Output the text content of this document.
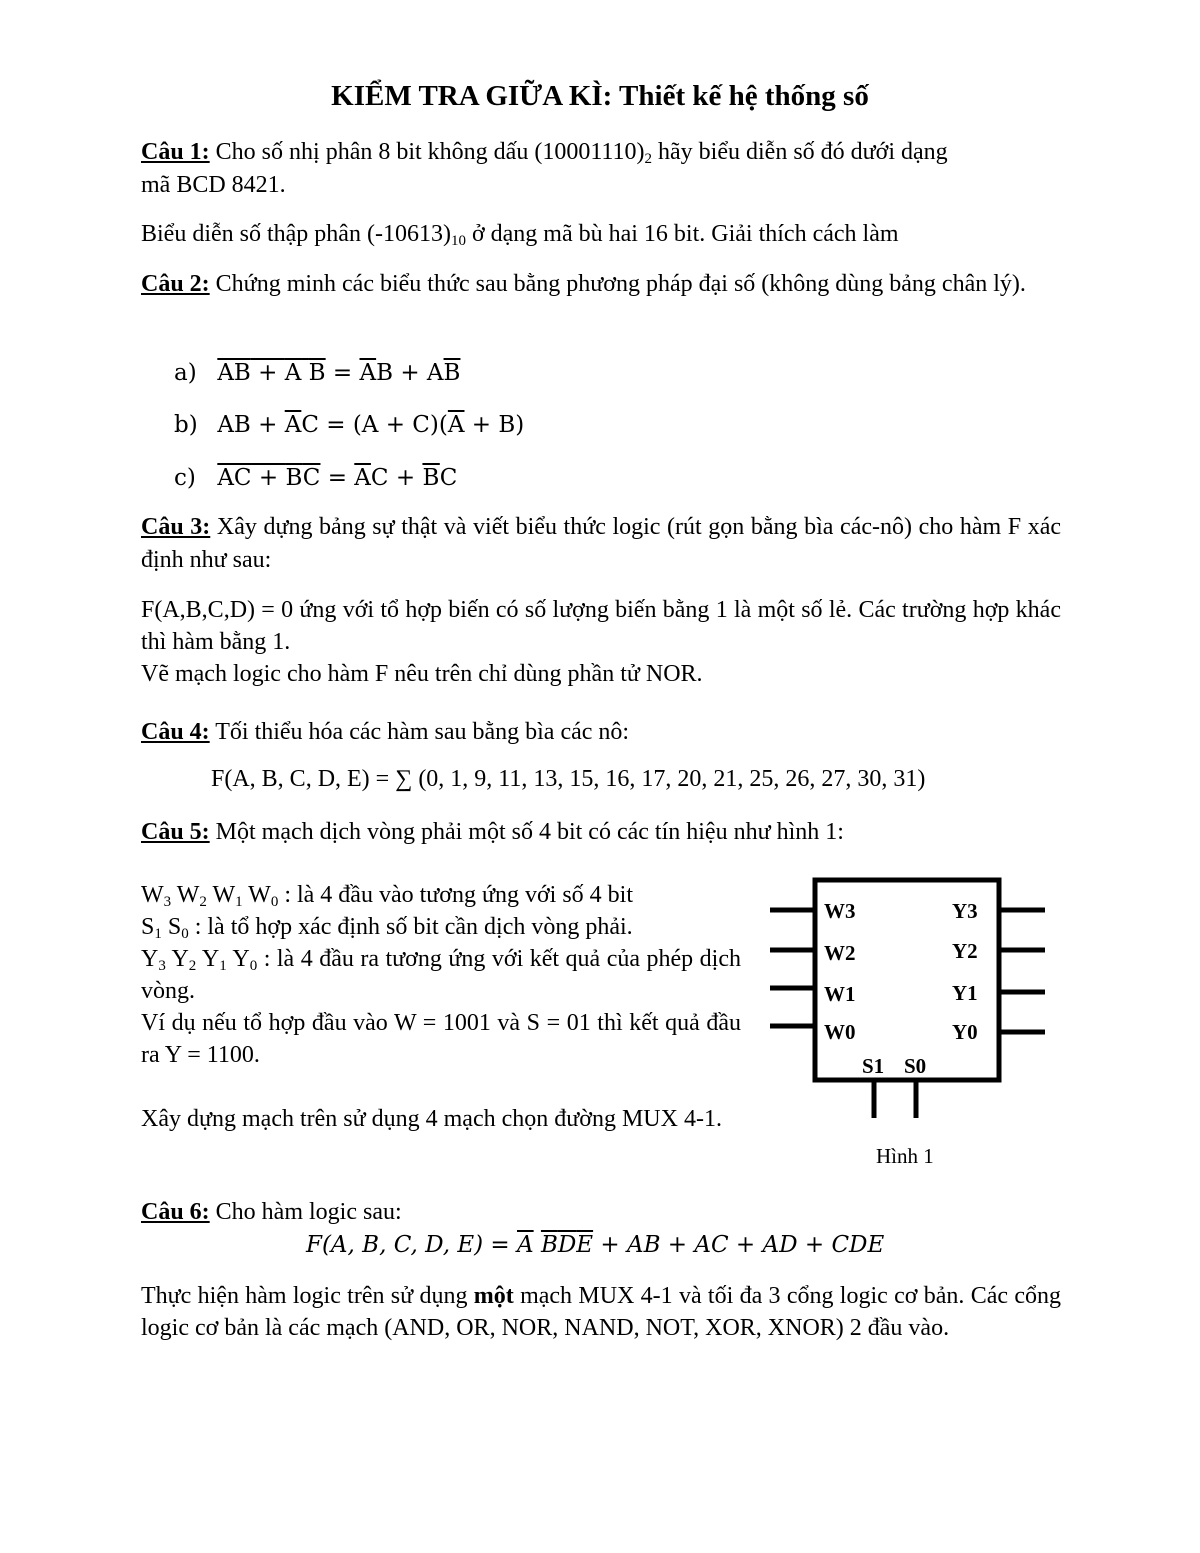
KIỂM TRA GIỮA KÌ: Thiết kế hệ thống số
Câu 1: Cho số nhị phân 8 bit không dấu $(10001110)_2$ hãy biểu diễn số đó dưới dạng
mã BCD 8421.
Biểu diễn số thập phân $(-10613)_{10}$ ở dạng mã bù hai 16 bit. Giải thích cách làm
Câu 2: Chứng minh các biểu thức sau bằng phương pháp đại số (không dùng bảng chân lý).
a) AB + A $B = \overline{A}B + A\overline{B}$
b) AB + $\overline{A}C = (A + C)(\overline{A} + B)$
c) AC + BC = $\overline{A}C + \overline{B}C$
Câu 3: Xây dựng bảng sự thật và viết biểu thức logic (rút gọn bằng bìa các-nô) cho hàm F xác định như sau:
F(A,B,C,D) = 0 ứng với tổ hợp biến có số lượng biến bằng 1 là một số lẻ. Các trường hợp khác thì hàm bằng 1.
Vẽ mạch logic cho hàm F nêu trên chỉ dùng phần tử NOR.
Câu 4: Tối thiểu hóa các hàm sau bằng bìa các nô:
F(A, B, C, D, E) = ∑ (0, 1, 9, 11, 13, 15, 16, 17, 20, 21, 25, 26, 27, 30, 31)
Câu 5: Một mạch dịch vòng phải một số 4 bit có các tín hiệu như hình 1:
$W_3$ $W_2$ $W_1$ $W_0$ : là 4 đầu vào tương ứng với số 4 bit
$S_1$ $S_0$ : là tổ hợp xác định số bit cần dịch vòng phải.
$Y_3$ $Y_2$ $Y_1$ $Y_0$ : là 4 đầu ra tương ứng với kết quả của phép dịch vòng.
Ví dụ nếu tổ hợp đầu vào W = 1001 và S = 01 thì kết quả đầu ra Y = 1100.
Xây dựng mạch trên sử dụng 4 mạch chọn đường MUX 4-1.
W3
W2
W1
W0
Y3
Y2
Y1
Y0
S1 S0
Hình 1
Câu 6: Cho hàm logic sau:
F(A, B, C, D, $E) = \overline{A}$ $\overline{B}\overline{D}\overline{E}$ + AB + AC + AD + CDE
Thực hiện hàm logic trên sử dụng một mạch MUX 4-1 và tối đa 3 cổng logic cơ bản. Các cổng logic cơ bản là các mạch (AND, OR, NOR, NAND, NOT, XOR, XNOR) 2 đầu vào.
